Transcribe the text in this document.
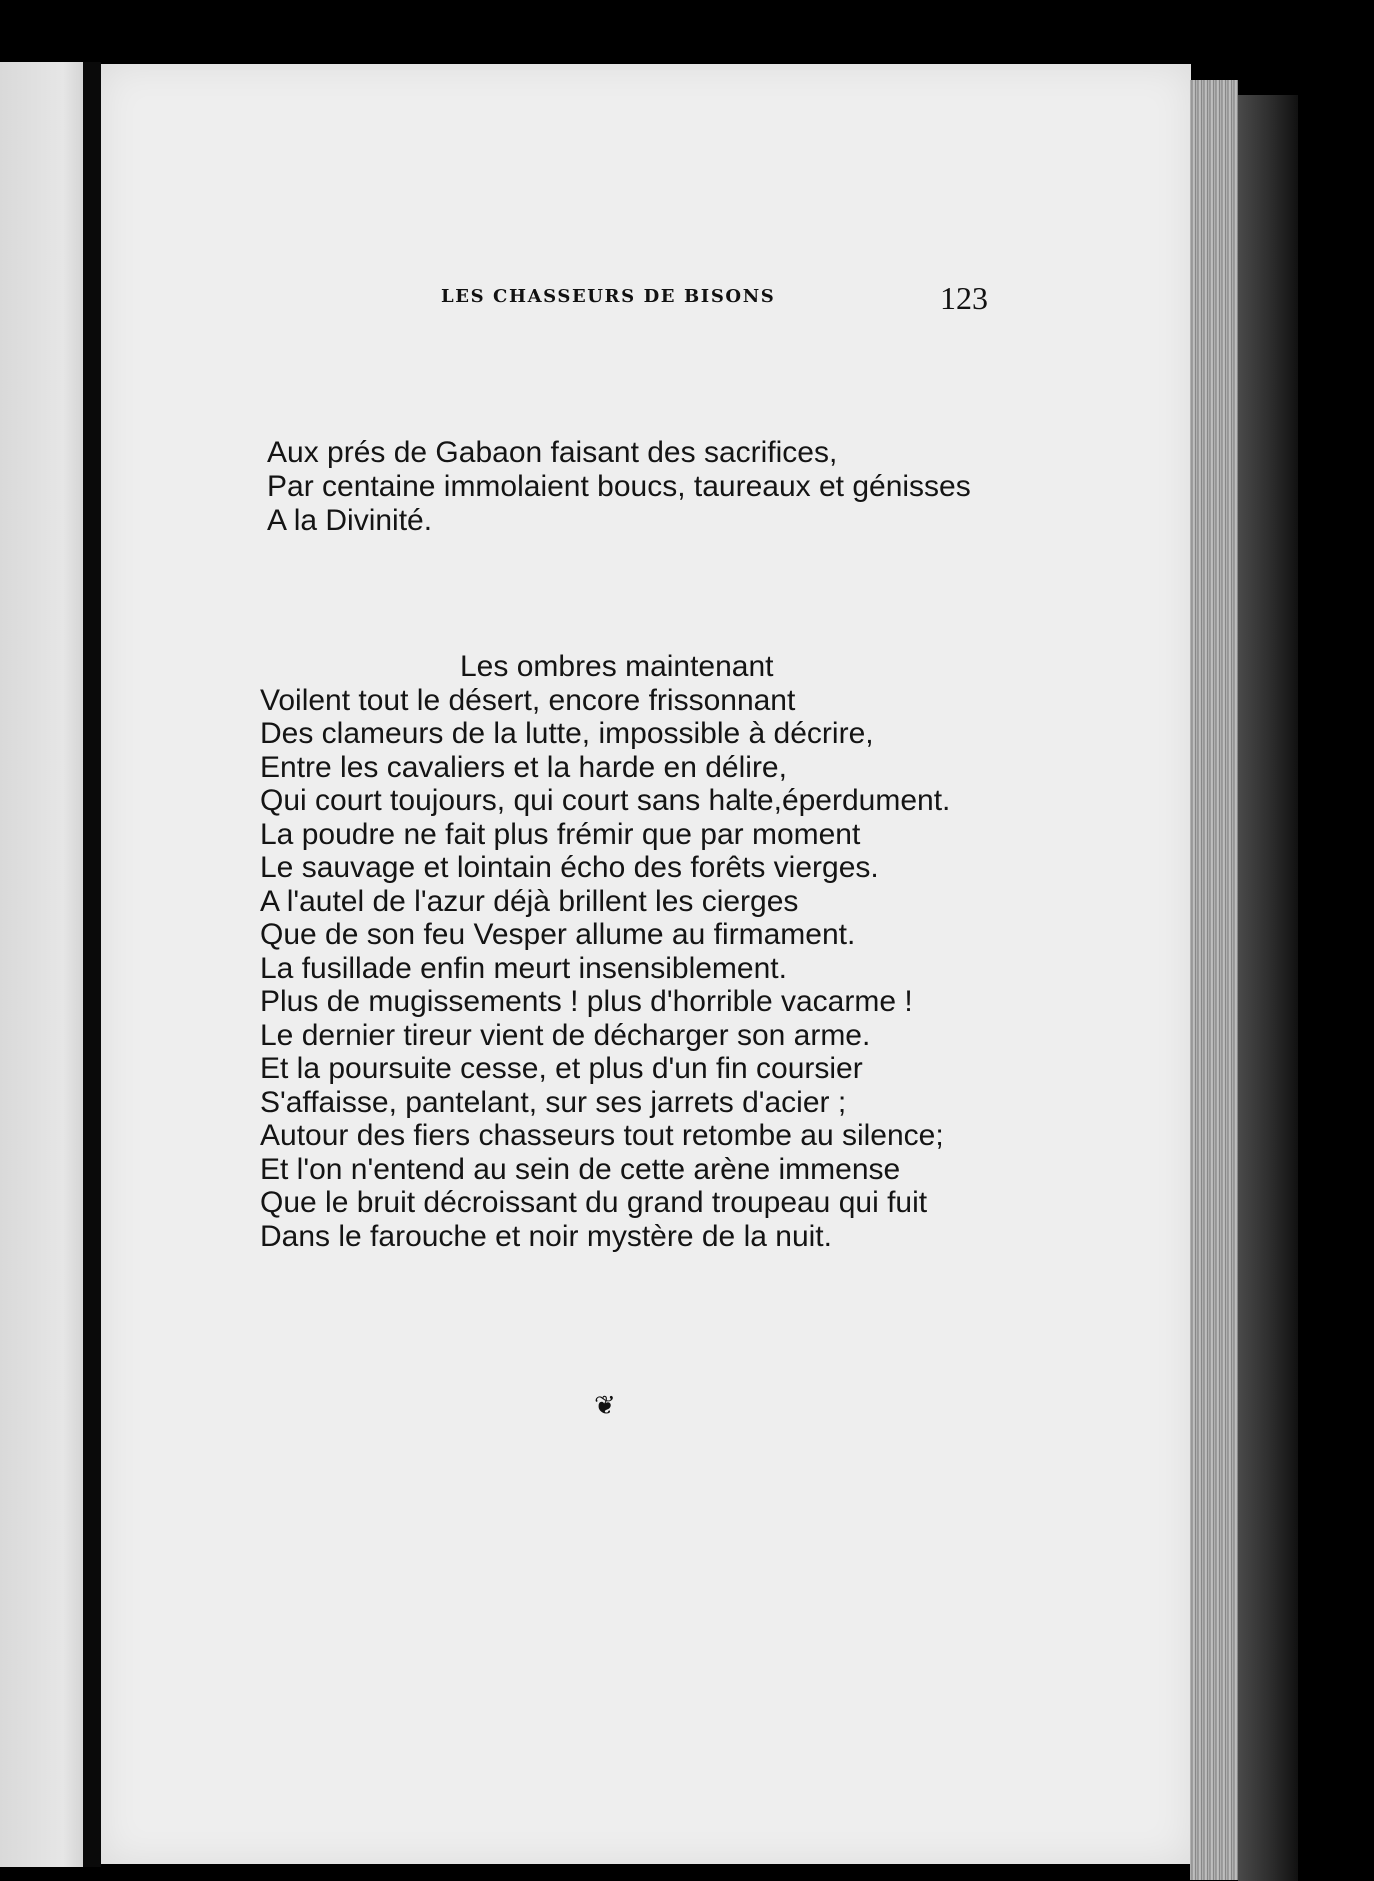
LES CHASSEURS DE BISONS	123
Aux prés de Gabaon faisant des sacrifices,
Par centaine immolaient boucs, taureaux et génisses
A la Divinité.
Les ombres maintenant
Voilent tout le désert, encore frissonnant
Des clameurs de la lutte, impossible à décrire,
Entre les cavaliers et la harde en délire,
Qui court toujours, qui court sans halte,éperdument.
La poudre ne fait plus frémir que par moment
Le sauvage et lointain écho des forêts vierges.
A l'autel de l'azur déjà brillent les cierges
Que de son feu Vesper allume au firmament.
La fusillade enfin meurt insensiblement.
Plus de mugissements ! plus d'horrible vacarme !
Le dernier tireur vient de décharger son arme.
Et la poursuite cesse, et plus d'un fin coursier
S'affaisse, pantelant, sur ses jarrets d'acier ;
Autour des fiers chasseurs tout retombe au silence;
Et l'on n'entend au sein de cette arène immense
Que le bruit décroissant du grand troupeau qui fuit
Dans le farouche et noir mystère de la nuit.
❦
